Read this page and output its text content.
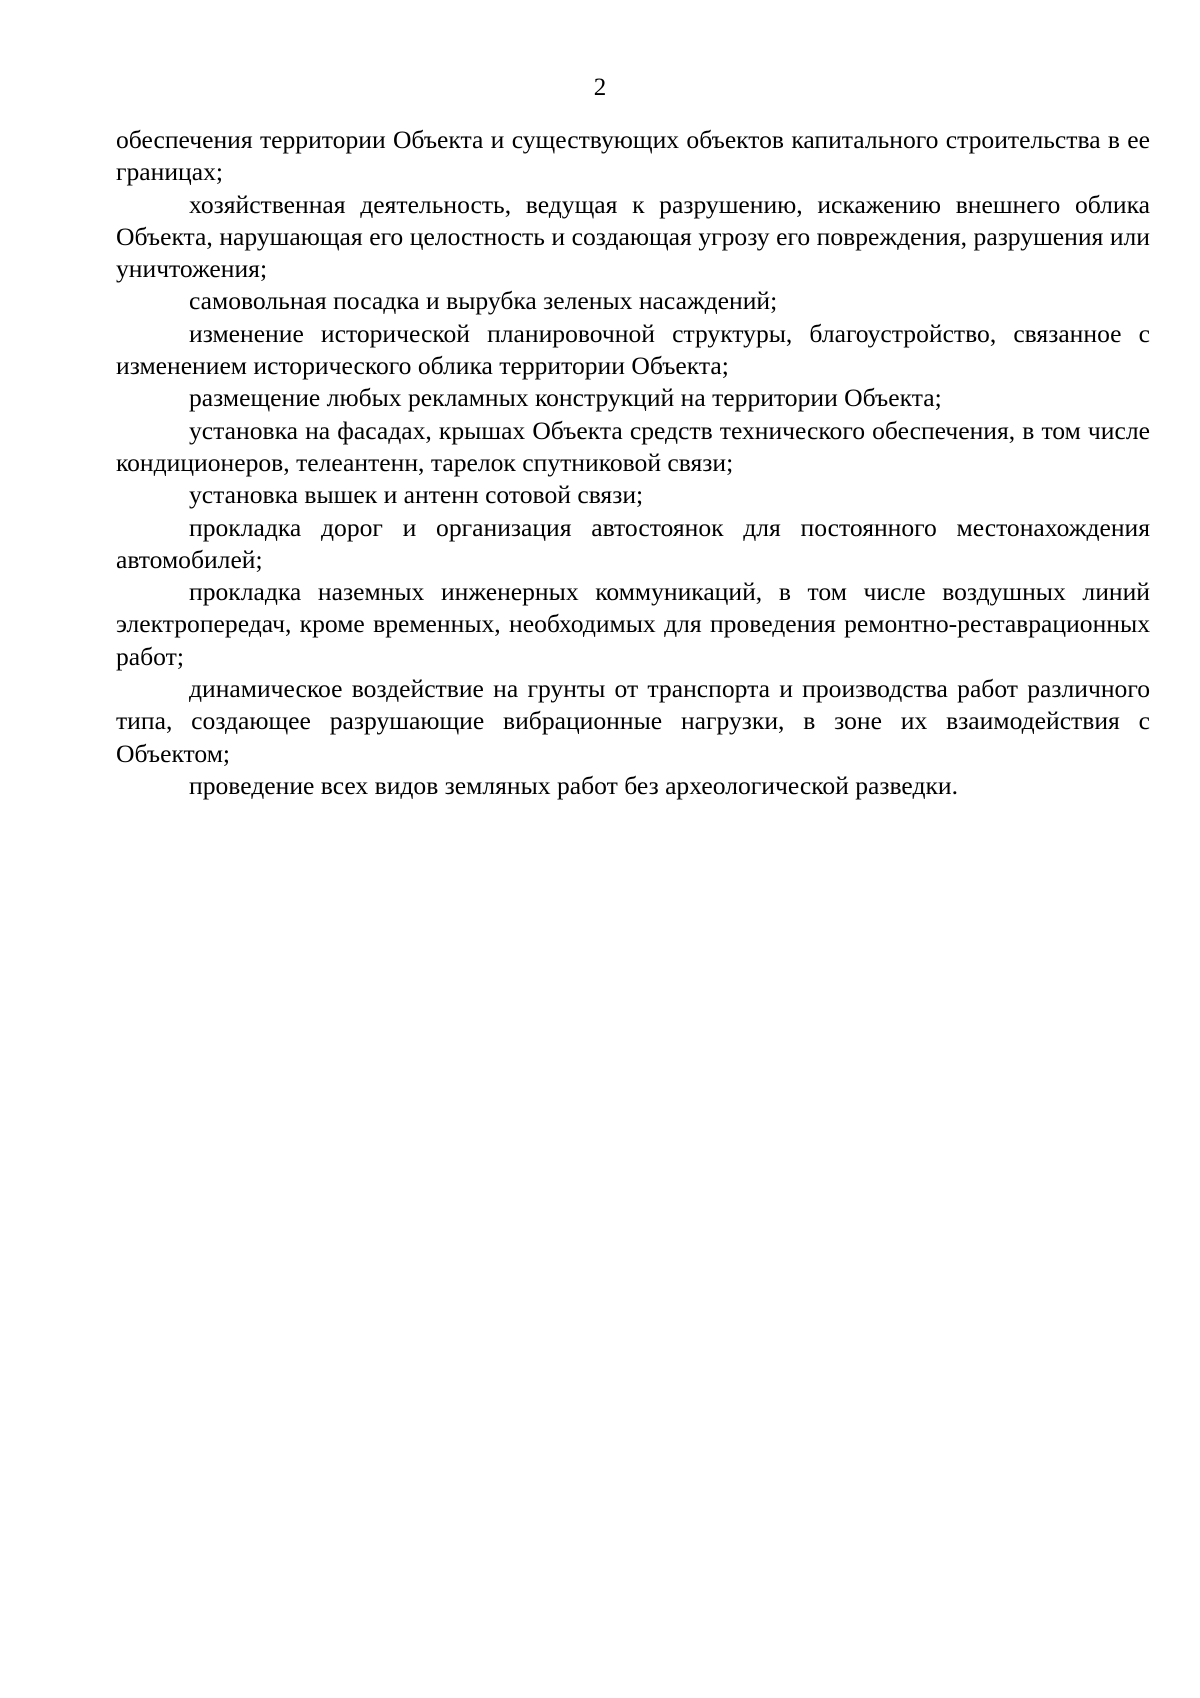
2

обеспечения территории Объекта и существующих объектов капитального строительства в ее границах;

хозяйственная деятельность, ведущая к разрушению, искажению внешнего облика Объекта, нарушающая его целостность и создающая угрозу его повреждения, разрушения или уничтожения;

самовольная посадка и вырубка зеленых насаждений;

изменение исторической планировочной структуры, благоустройство, связанное с изменением исторического облика территории Объекта;

размещение любых рекламных конструкций на территории Объекта;

установка на фасадах, крышах Объекта средств технического обеспечения, в том числе кондиционеров, телеантенн, тарелок спутниковой связи;

установка вышек и антенн сотовой связи;

прокладка дорог и организация автостоянок для постоянного местонахождения автомобилей;

прокладка наземных инженерных коммуникаций, в том числе воздушных линий электропередач, кроме временных, необходимых для проведения ремонтно-реставрационных работ;

динамическое воздействие на грунты от транспорта и производства работ различного типа, создающее разрушающие вибрационные нагрузки, в зоне их взаимодействия с Объектом;

проведение всех видов земляных работ без археологической разведки.
